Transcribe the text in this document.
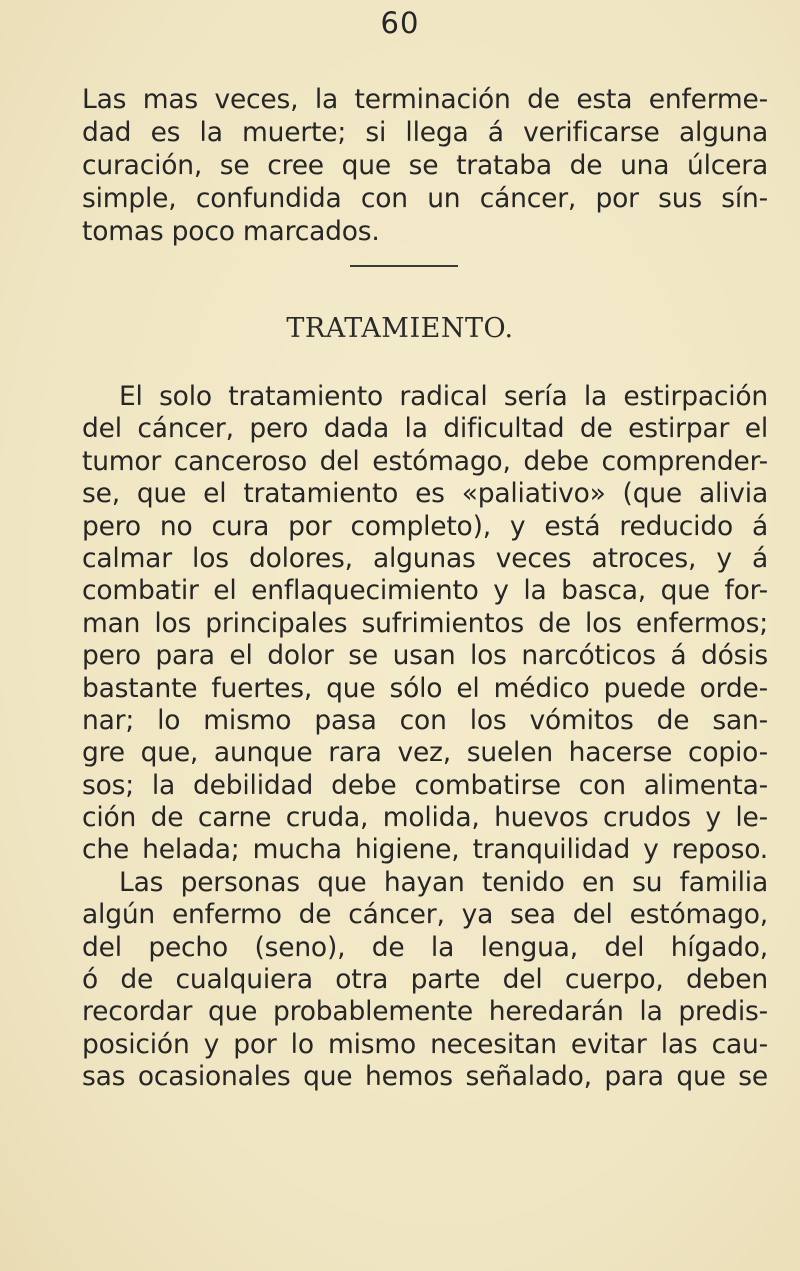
60
Las mas veces, la terminación de esta enferme-
dad es la muerte; si llega á verificarse alguna
curación, se cree que se trataba de una úlcera
simple, confundida con un cáncer, por sus sín-
tomas poco marcados.
TRATAMIENTO.
El solo tratamiento radical sería la estirpación
del cáncer, pero dada la dificultad de estirpar el
tumor canceroso del estómago, debe comprender-
se, que el tratamiento es «paliativo» (que alivia
pero no cura por completo), y está reducido á
calmar los dolores, algunas veces atroces, y á
combatir el enflaquecimiento y la basca, que for-
man los principales sufrimientos de los enfermos;
pero para el dolor se usan los narcóticos á dósis
bastante fuertes, que sólo el médico puede orde-
nar; lo mismo pasa con los vómitos de san-
gre que, aunque rara vez, suelen hacerse copio-
sos; la debilidad debe combatirse con alimenta-
ción de carne cruda, molida, huevos crudos y le-
che helada; mucha higiene, tranquilidad y reposo.
Las personas que hayan tenido en su familia
algún enfermo de cáncer, ya sea del estómago,
del pecho (seno), de la lengua, del hígado,
ó de cualquiera otra parte del cuerpo, deben
recordar que probablemente heredarán la predis-
posición y por lo mismo necesitan evitar las cau-
sas ocasionales que hemos señalado, para que se
